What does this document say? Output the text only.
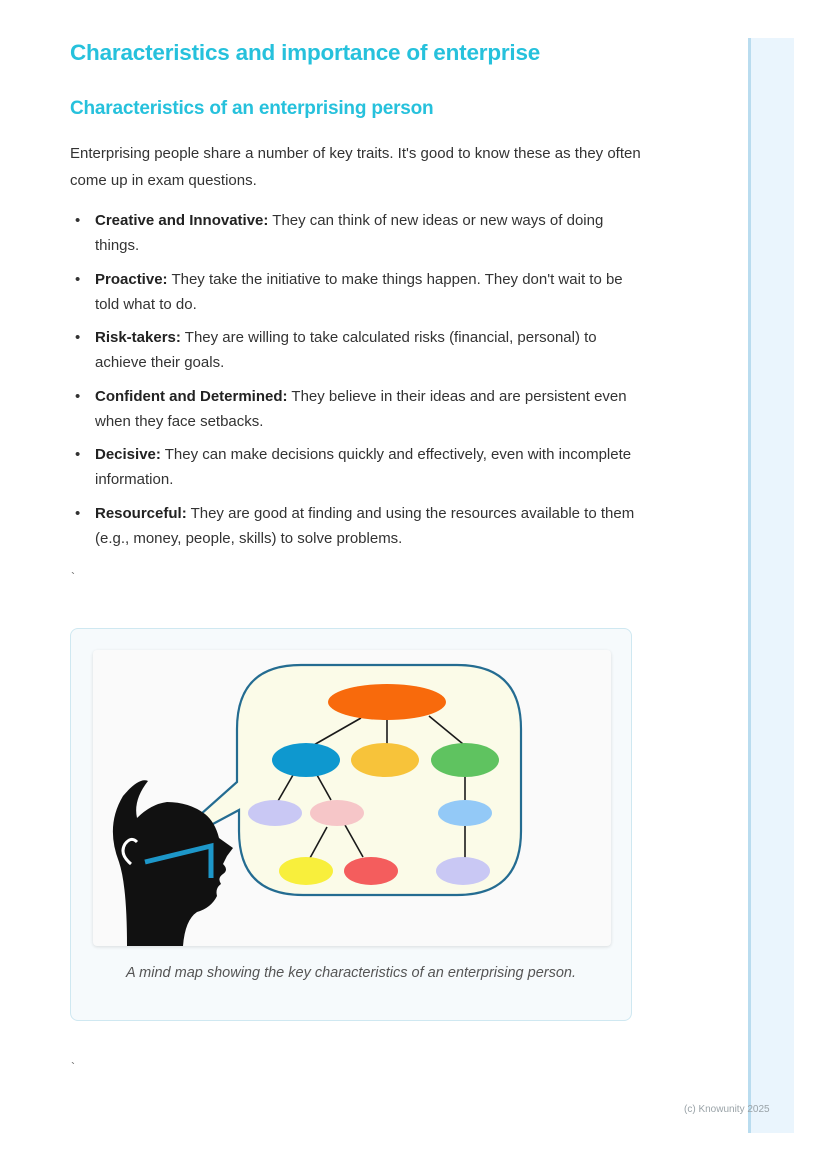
Characteristics and importance of enterprise
Characteristics of an enterprising person

Enterprising people share a number of key traits. It's good to know these as they often come up in exam questions.

• Creative and Innovative: They can think of new ideas or new ways of doing things.
• Proactive: They take the initiative to make things happen. They don't wait to be told what to do.
• Risk-takers: They are willing to take calculated risks (financial, personal) to achieve their goals.
• Confident and Determined: They believe in their ideas and are persistent even when they face setbacks.
• Decisive: They can make decisions quickly and effectively, even with incomplete information.
• Resourceful: They are good at finding and using the resources available to them (e.g., money, people, skills) to solve problems.
`
A mind map showing the key characteristics of an enterprising person.
`
(c) Knowunity 2025
